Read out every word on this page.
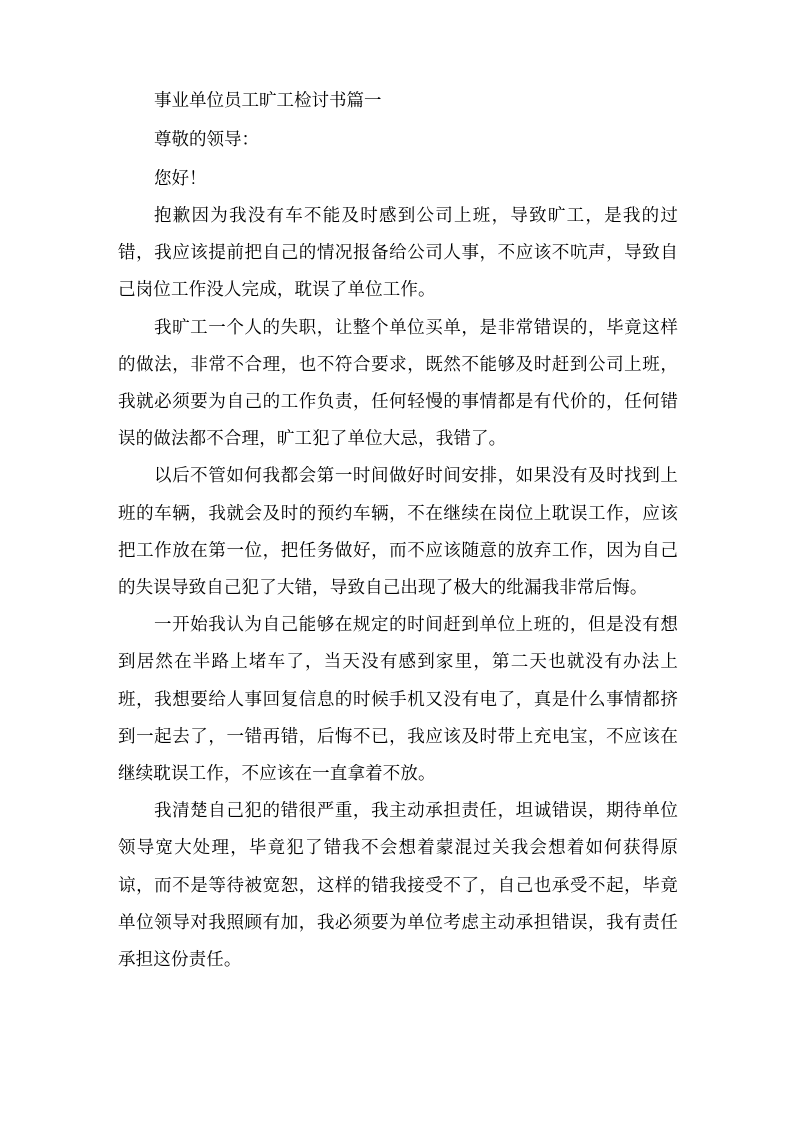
事业单位员工旷工检讨书篇一

尊敬的领导：

您好！

抱歉因为我没有车不能及时感到公司上班，导致旷工，是我的过错，我应该提前把自己的情况报备给公司人事，不应该不吭声，导致自己岗位工作没人完成，耽误了单位工作。

我旷工一个人的失职，让整个单位买单，是非常错误的，毕竟这样的做法，非常不合理，也不符合要求，既然不能够及时赶到公司上班，我就必须要为自己的工作负责，任何轻慢的事情都是有代价的，任何错误的做法都不合理，旷工犯了单位大忌，我错了。

以后不管如何我都会第一时间做好时间安排，如果没有及时找到上班的车辆，我就会及时的预约车辆，不在继续在岗位上耽误工作，应该把工作放在第一位，把任务做好，而不应该随意的放弃工作，因为自己的失误导致自己犯了大错，导致自己出现了极大的纰漏我非常后悔。

一开始我认为自己能够在规定的时间赶到单位上班的，但是没有想到居然在半路上堵车了，当天没有感到家里，第二天也就没有办法上班，我想要给人事回复信息的时候手机又没有电了，真是什么事情都挤到一起去了，一错再错，后悔不已，我应该及时带上充电宝，不应该在继续耽误工作，不应该在一直拿着不放。

我清楚自己犯的错很严重，我主动承担责任，坦诚错误，期待单位领导宽大处理，毕竟犯了错我不会想着蒙混过关我会想着如何获得原谅，而不是等待被宽恕，这样的错我接受不了，自己也承受不起，毕竟单位领导对我照顾有加，我必须要为单位考虑主动承担错误，我有责任承担这份责任。
